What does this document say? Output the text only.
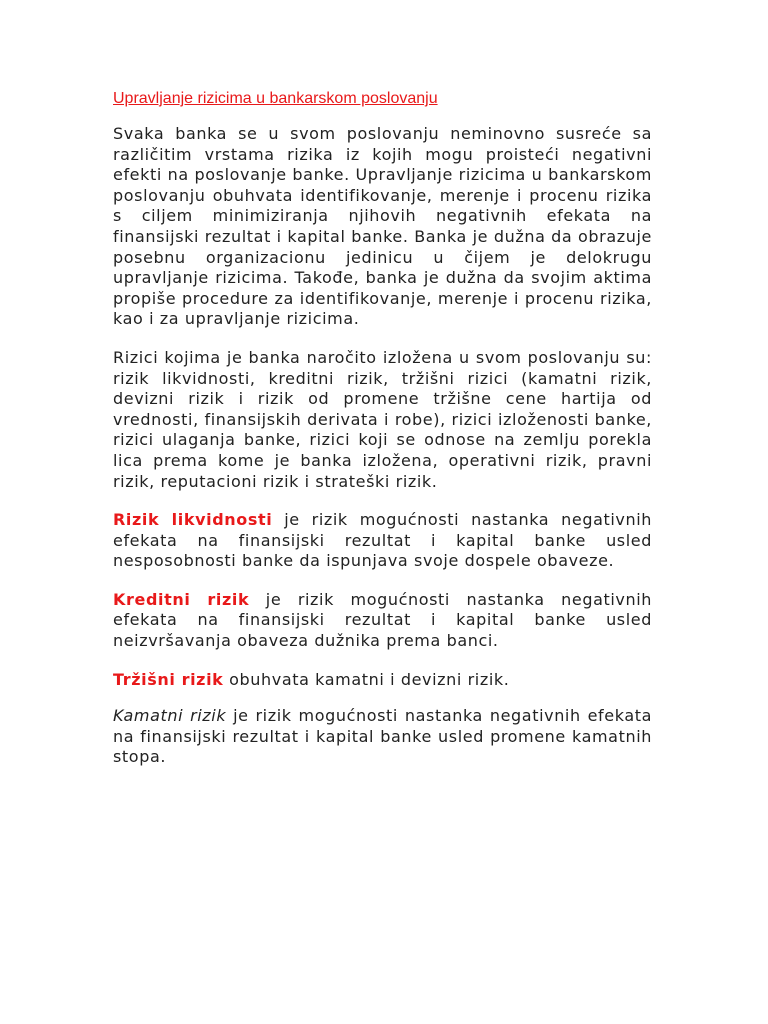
Upravljanje rizicima u bankarskom poslovanju

Svaka banka se u svom poslovanju neminovno susreće sa različitim vrstama rizika iz kojih mogu proisteći negativni efekti na poslovanje banke. Upravljanje rizicima u bankarskom poslovanju obuhvata identifikovanje, merenje i procenu rizika s ciljem minimiziranja njihovih negativnih efekata na finansijski rezultat i kapital banke. Banka je dužna da obrazuje posebnu organizacionu jedinicu u čijem je delokrugu upravljanje rizicima. Takođe, banka je dužna da svojim aktima propiše procedure za identifikovanje, merenje i procenu rizika, kao i za upravljanje rizicima.

Rizici kojima je banka naročito izložena u svom poslovanju su: rizik likvidnosti, kreditni rizik, tržišni rizici (kamatni rizik, devizni rizik i rizik od promene tržišne cene hartija od vrednosti, finansijskih derivata i robe), rizici izloženosti banke, rizici ulaganja banke, rizici koji se odnose na zemlju porekla lica prema kome je banka izložena, operativni rizik, pravni rizik, reputacioni rizik i strateški rizik.

Rizik likvidnosti je rizik mogućnosti nastanka negativnih efekata na finansijski rezultat i kapital banke usled nesposobnosti banke da ispunjava svoje dospele obaveze.

Kreditni rizik je rizik mogućnosti nastanka negativnih efekata na finansijski rezultat i kapital banke usled neizvršavanja obaveza dužnika prema banci.

Tržišni rizik obuhvata kamatni i devizni rizik.

Kamatni rizik je rizik mogućnosti nastanka negativnih efekata na finansijski rezultat i kapital banke usled promene kamatnih stopa.
